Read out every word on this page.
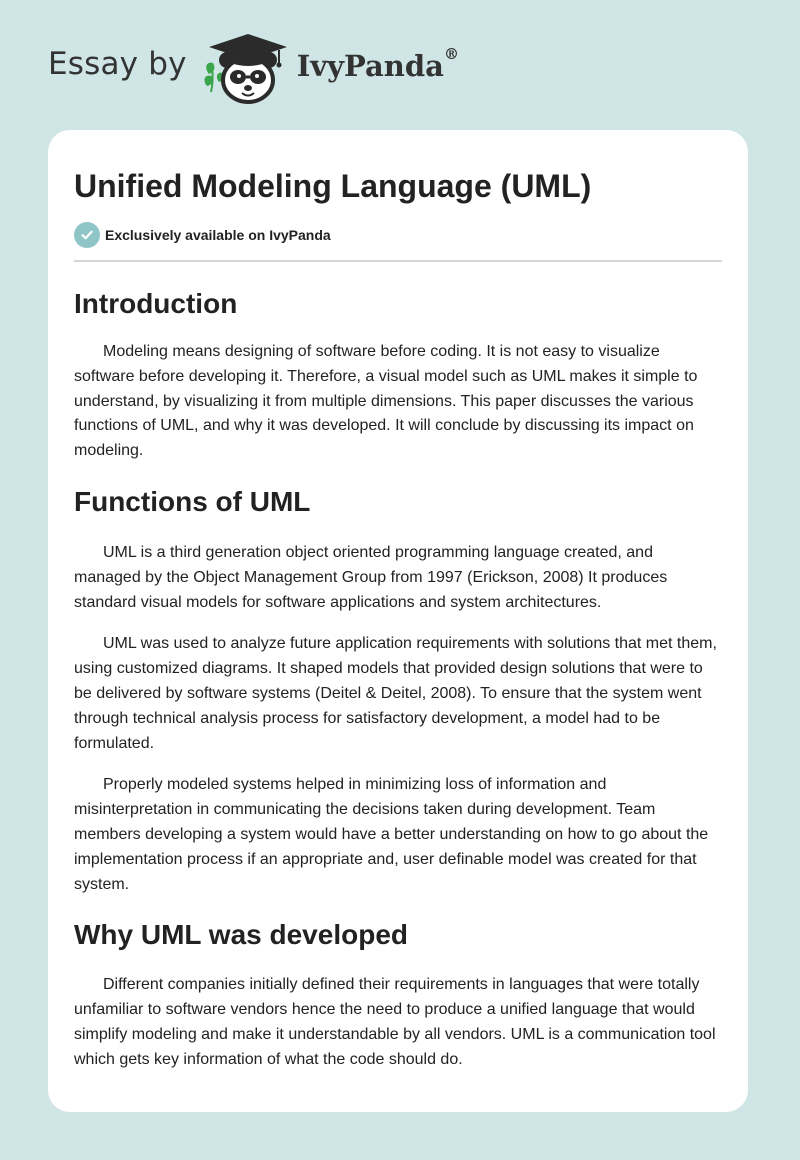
Essay by	IvyPanda®
Unified Modeling Language (UML)
Exclusively available on IvyPanda
Introduction

Modeling means designing of software before coding. It is not easy to visualize software before developing it. Therefore, a visual model such as UML makes it simple to understand, by visualizing it from multiple dimensions. This paper discusses the various functions of UML, and why it was developed. It will conclude by discussing its impact on modeling.

Functions of UML

UML is a third generation object oriented programming language created, and managed by the Object Management Group from 1997 (Erickson, 2008) It produces standard visual models for software applications and system architectures.

UML was used to analyze future application requirements with solutions that met them, using customized diagrams. It shaped models that provided design solutions that were to be delivered by software systems (Deitel & Deitel, 2008). To ensure that the system went through technical analysis process for satisfactory development, a model had to be formulated.

Properly modeled systems helped in minimizing loss of information and misinterpretation in communicating the decisions taken during development. Team members developing a system would have a better understanding on how to go about the implementation process if an appropriate and, user definable model was created for that system.

Why UML was developed

Different companies initially defined their requirements in languages that were totally unfamiliar to software vendors hence the need to produce a unified language that would simplify modeling and make it understandable by all vendors. UML is a communication tool which gets key information of what the code should do.
